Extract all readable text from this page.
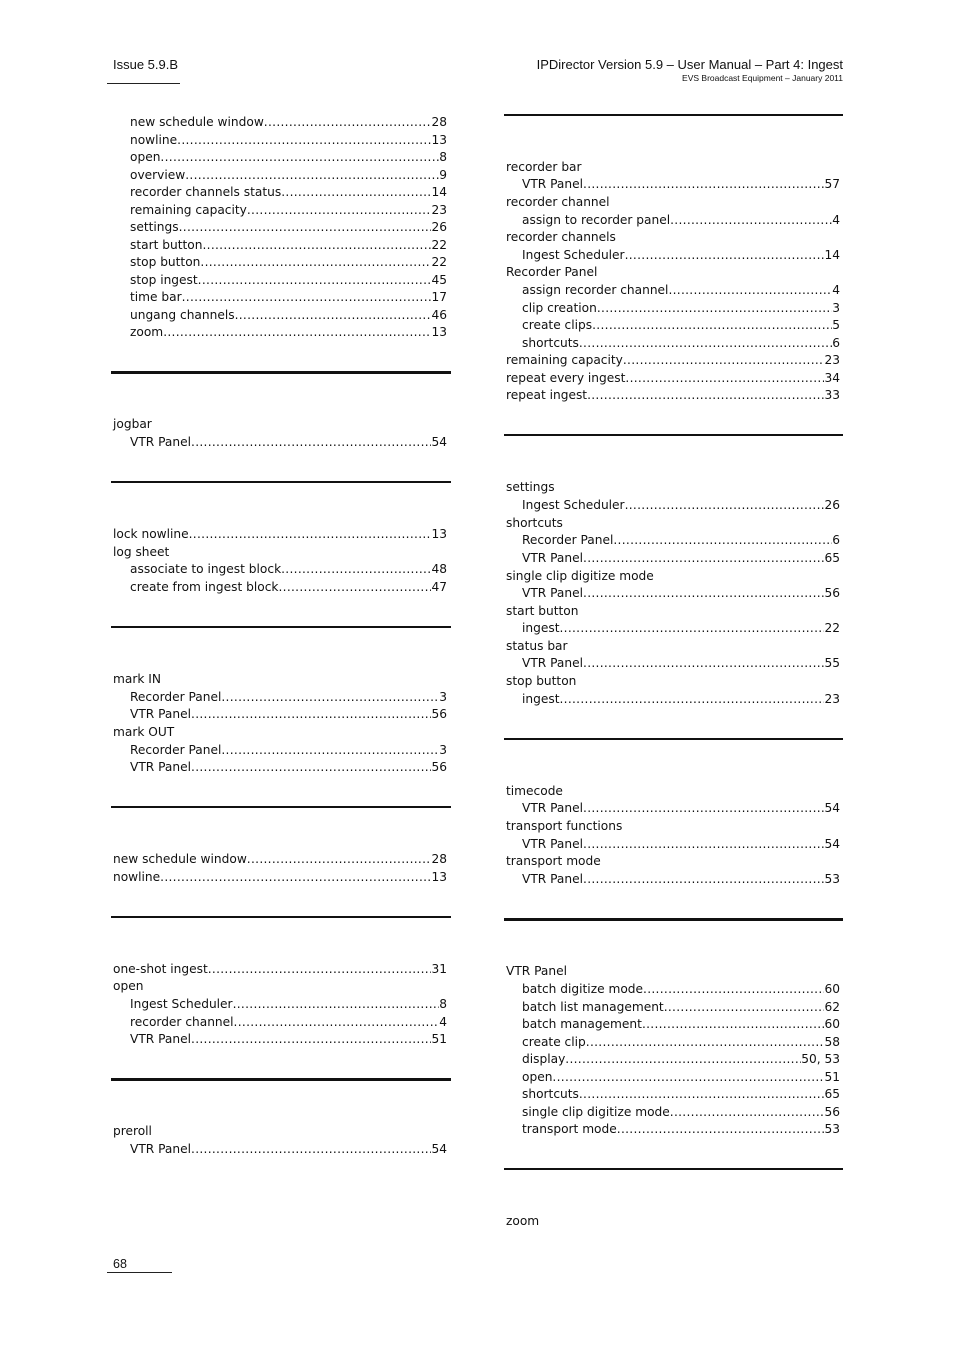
Issue 5.9.B	IPDirector Version 5.9 – User Manual – Part 4: Ingest
EVS Broadcast Equipment – January 2011
new schedule window .....	28
nowline .....	13
open .....	8
overview .....	9
recorder channels status .....	14
remaining capacity .....	23
settings .....	26
start button .....	22
stop button .....	22
stop ingest .....	45
time bar .....	17
ungang channels .....	46
zoom .....	13
jogbar
VTR Panel .....	54
lock nowline .....	13
log sheet
associate to ingest block .....	48
create from ingest block .....	47
mark IN
Recorder Panel .....	3
VTR Panel .....	56
mark OUT
Recorder Panel .....	3
VTR Panel .....	56
new schedule window .....	28
nowline .....	13
one-shot ingest .....	31
open
Ingest Scheduler .....	8
recorder channel .....	4
VTR Panel .....	51
preroll
VTR Panel .....	54
recorder bar
VTR Panel .....	57
recorder channel
assign to recorder panel .....	4
recorder channels
Ingest Scheduler .....	14
Recorder Panel
assign recorder channel .....	4
clip creation .....	3
create clips .....	5
shortcuts .....	6
remaining capacity .....	23
repeat every ingest .....	34
repeat ingest .....	33
settings
Ingest Scheduler .....	26
shortcuts
Recorder Panel .....	6
VTR Panel .....	65
single clip digitize mode
VTR Panel .....	56
start button
ingest .....	22
status bar
VTR Panel .....	55
stop button
ingest .....	23
timecode
VTR Panel .....	54
transport functions
VTR Panel .....	54
transport mode
VTR Panel .....	53
VTR Panel
batch digitize mode .....	60
batch list management .....	62
batch management .....	60
create clip .....	58
display .....	50, 53
open .....	51
shortcuts .....	65
single clip digitize mode .....	56
transport mode .....	53
zoom
68
